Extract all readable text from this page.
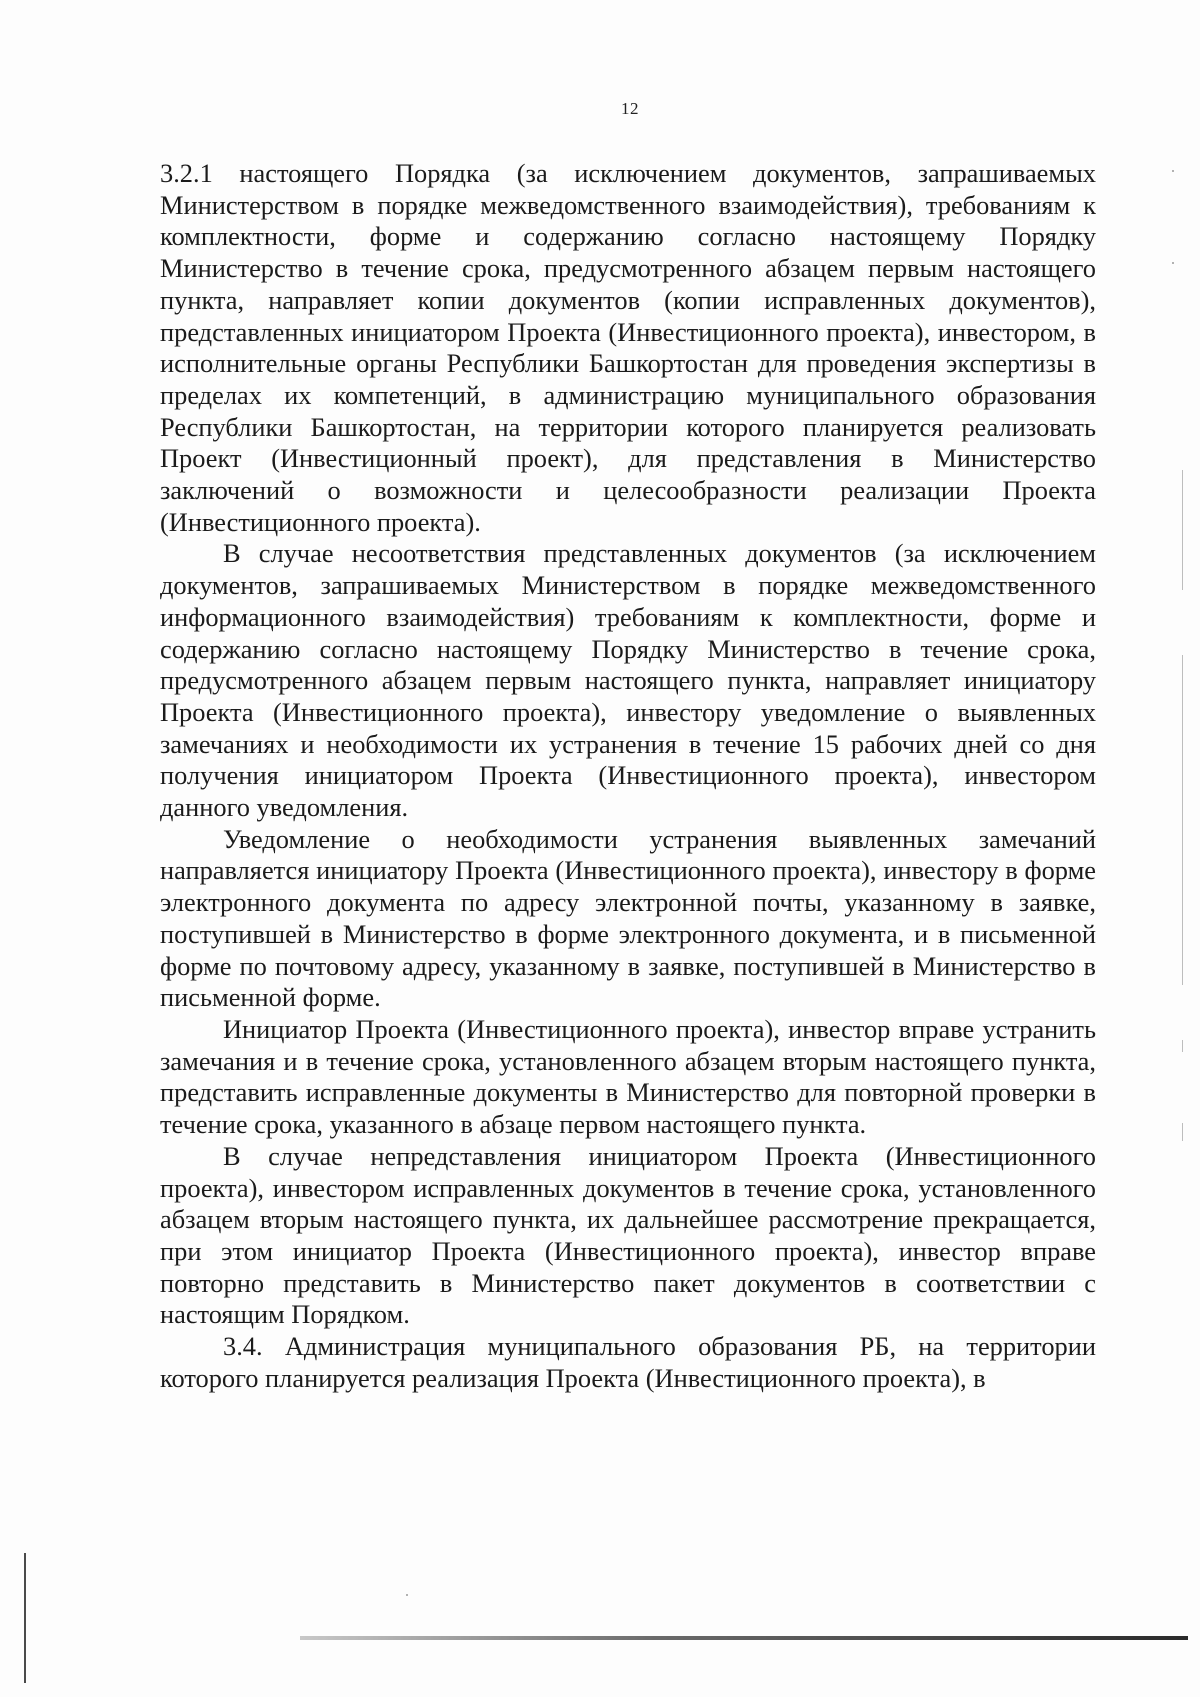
12

3.2.1 настоящего Порядка (за исключением документов, запрашиваемых Министерством в порядке межведомственного взаимодействия), требованиям к комплектности, форме и содержанию согласно настоящему Порядку Министерство в течение срока, предусмотренного абзацем первым настоящего пункта, направляет копии документов (копии исправленных документов), представленных инициатором Проекта (Инвестиционного проекта), инвестором, в исполнительные органы Республики Башкортостан для проведения экспертизы в пределах их компетенций, в администрацию муниципального образования Республики Башкортостан, на территории которого планируется реализовать Проект (Инвестиционный проект), для представления в Министерство заключений о возможности и целесообразности реализации Проекта (Инвестиционного проекта).

В случае несоответствия представленных документов (за исключением документов, запрашиваемых Министерством в порядке межведомственного информационного взаимодействия) требованиям к комплектности, форме и содержанию согласно настоящему Порядку Министерство в течение срока, предусмотренного абзацем первым настоящего пункта, направляет инициатору Проекта (Инвестиционного проекта), инвестору уведомление о выявленных замечаниях и необходимости их устранения в течение 15 рабочих дней со дня получения инициатором Проекта (Инвестиционного проекта), инвестором данного уведомления.

Уведомление о необходимости устранения выявленных замечаний направляется инициатору Проекта (Инвестиционного проекта), инвестору в форме электронного документа по адресу электронной почты, указанному в заявке, поступившей в Министерство в форме электронного документа, и в письменной форме по почтовому адресу, указанному в заявке, поступившей в Министерство в письменной форме.

Инициатор Проекта (Инвестиционного проекта), инвестор вправе устранить замечания и в течение срока, установленного абзацем вторым настоящего пункта, представить исправленные документы в Министерство для повторной проверки в течение срока, указанного в абзаце первом настоящего пункта.

В случае непредставления инициатором Проекта (Инвестиционного проекта), инвестором исправленных документов в течение срока, установленного абзацем вторым настоящего пункта, их дальнейшее рассмотрение прекращается, при этом инициатор Проекта (Инвестиционного проекта), инвестор вправе повторно представить в Министерство пакет документов в соответствии с настоящим Порядком.

3.4. Администрация муниципального образования РБ, на территории которого планируется реализация Проекта (Инвестиционного проекта), в
